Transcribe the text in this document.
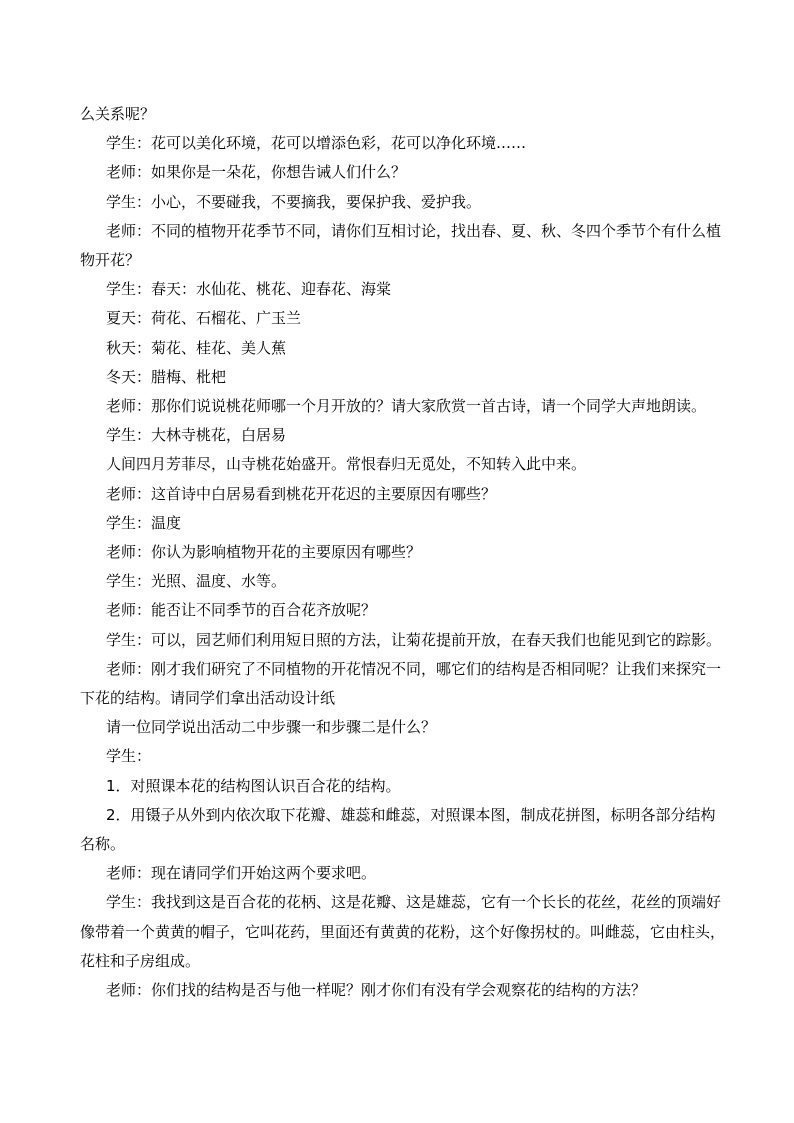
么关系呢？

学生：花可以美化环境，花可以增添色彩，花可以净化环境……

老师：如果你是一朵花，你想告诫人们什么？

学生：小心，不要碰我，不要摘我，要保护我、爱护我。

老师：不同的植物开花季节不同，请你们互相讨论，找出春、夏、秋、冬四个季节个有什么植

物开花？

学生：春天：水仙花、桃花、迎春花、海棠

夏天：荷花、石榴花、广玉兰

秋天：菊花、桂花、美人蕉

冬天：腊梅、枇杷

老师：那你们说说桃花师哪一个月开放的？请大家欣赏一首古诗，请一个同学大声地朗读。

学生：大林寺桃花，白居易

人间四月芳菲尽，山寺桃花始盛开。常恨春归无觅处，不知转入此中来。

老师：这首诗中白居易看到桃花开花迟的主要原因有哪些？

学生：温度

老师：你认为影响植物开花的主要原因有哪些？

学生：光照、温度、水等。

老师：能否让不同季节的百合花齐放呢？

学生：可以，园艺师们利用短日照的方法，让菊花提前开放，在春天我们也能见到它的踪影。

老师：刚才我们研究了不同植物的开花情况不同，哪它们的结构是否相同呢？让我们来探究一

下花的结构。请同学们拿出活动设计纸

请一位同学说出活动二中步骤一和步骤二是什么？

学生：

1．对照课本花的结构图认识百合花的结构。

2．用镊子从外到内依次取下花瓣、雄蕊和雌蕊，对照课本图，制成花拼图，标明各部分结构

名称。

老师：现在请同学们开始这两个要求吧。

学生：我找到这是百合花的花柄、这是花瓣、这是雄蕊，它有一个长长的花丝，花丝的顶端好

像带着一个黄黄的帽子，它叫花药，里面还有黄黄的花粉，这个好像拐杖的。叫雌蕊，它由柱头，

花柱和子房组成。

老师：你们找的结构是否与他一样呢？刚才你们有没有学会观察花的结构的方法？
